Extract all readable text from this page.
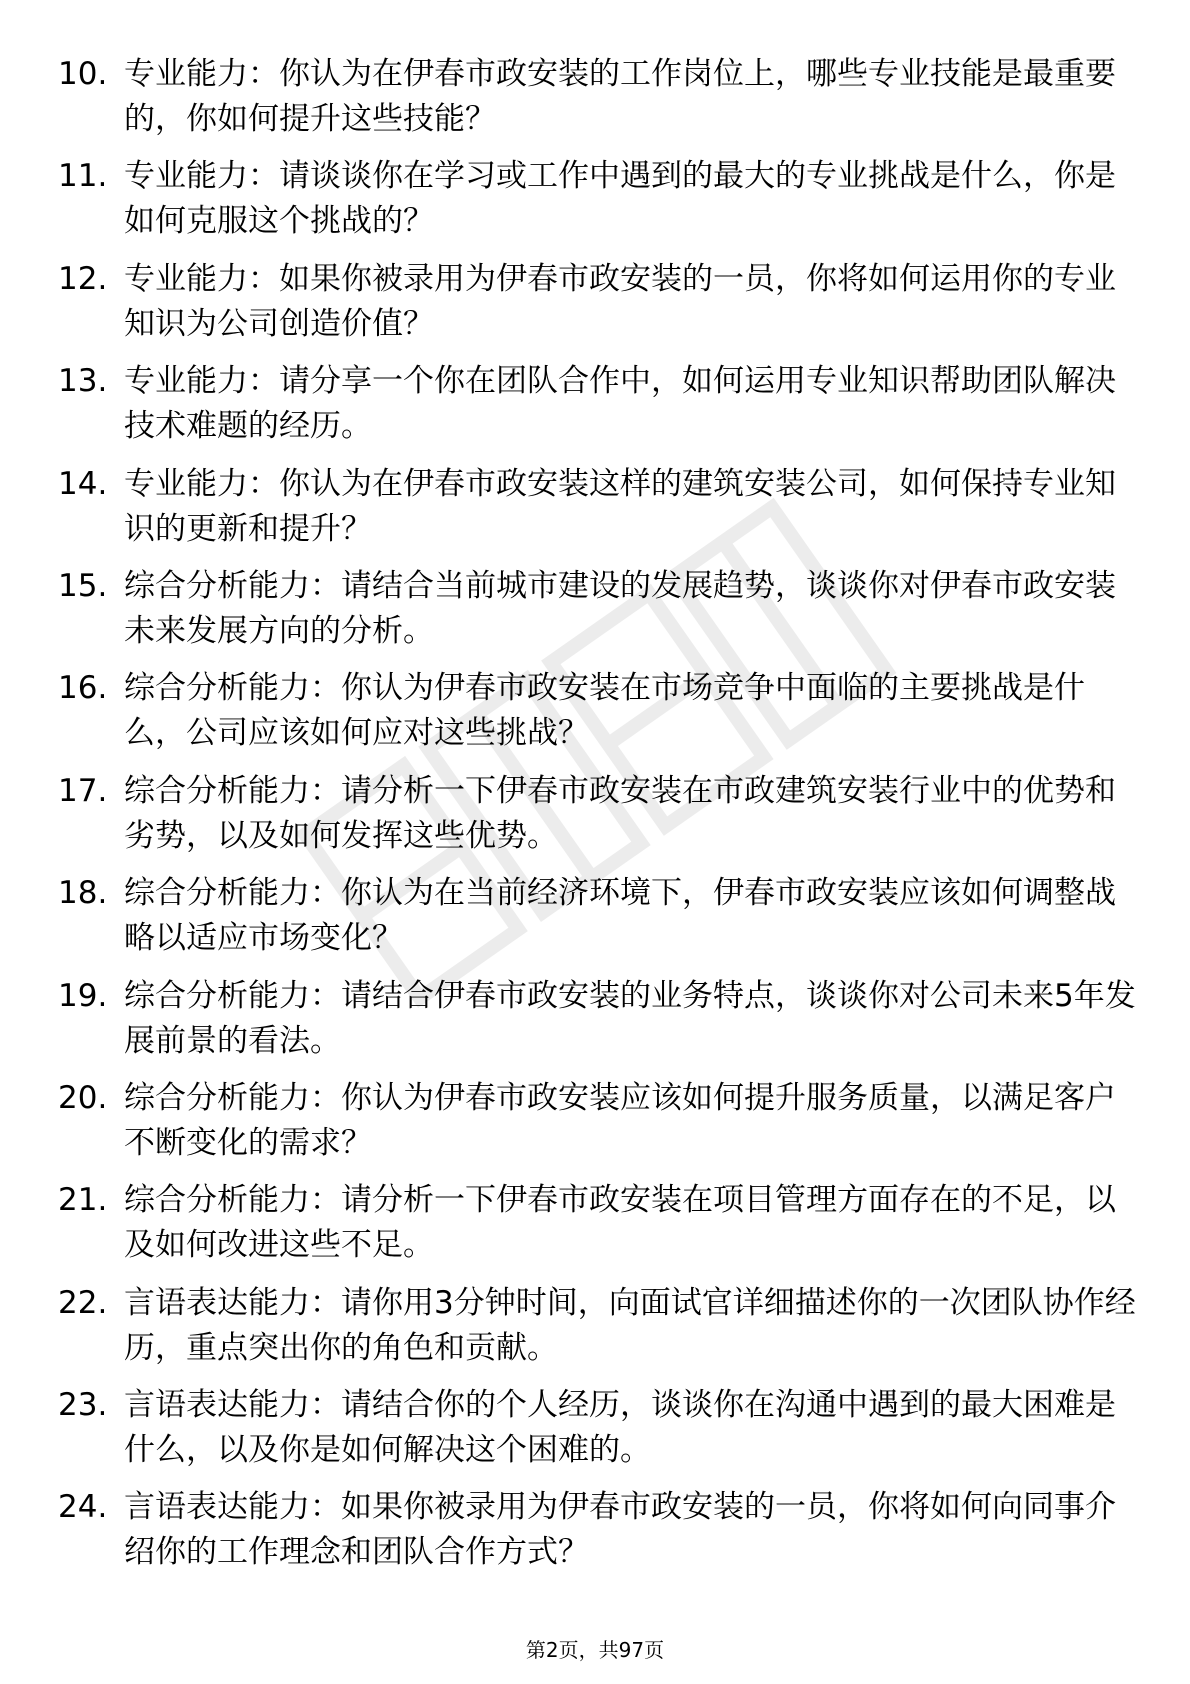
10. 专业能力：你认为在伊春市政安装的工作岗位上，哪些专业技能是最重要的，你如何提升这些技能？
11. 专业能力：请谈谈你在学习或工作中遇到的最大的专业挑战是什么，你是如何克服这个挑战的？
12. 专业能力：如果你被录用为伊春市政安装的一员，你将如何运用你的专业知识为公司创造价值？
13. 专业能力：请分享一个你在团队合作中，如何运用专业知识帮助团队解决技术难题的经历。
14. 专业能力：你认为在伊春市政安装这样的建筑安装公司，如何保持专业知识的更新和提升？
15. 综合分析能力：请结合当前城市建设的发展趋势，谈谈你对伊春市政安装未来发展方向的分析。
16. 综合分析能力：你认为伊春市政安装在市场竞争中面临的主要挑战是什么，公司应该如何应对这些挑战？
17. 综合分析能力：请分析一下伊春市政安装在市政建筑安装行业中的优势和劣势，以及如何发挥这些优势。
18. 综合分析能力：你认为在当前经济环境下，伊春市政安装应该如何调整战略以适应市场变化？
19. 综合分析能力：请结合伊春市政安装的业务特点，谈谈你对公司未来5年发展前景的看法。
20. 综合分析能力：你认为伊春市政安装应该如何提升服务质量，以满足客户不断变化的需求？
21. 综合分析能力：请分析一下伊春市政安装在项目管理方面存在的不足，以及如何改进这些不足。
22. 言语表达能力：请你用3分钟时间，向面试官详细描述你的一次团队协作经历，重点突出你的角色和贡献。
23. 言语表达能力：请结合你的个人经历，谈谈你在沟通中遇到的最大困难是什么，以及你是如何解决这个困难的。
24. 言语表达能力：如果你被录用为伊春市政安装的一员，你将如何向同事介绍你的工作理念和团队合作方式？
第2页，共97页
